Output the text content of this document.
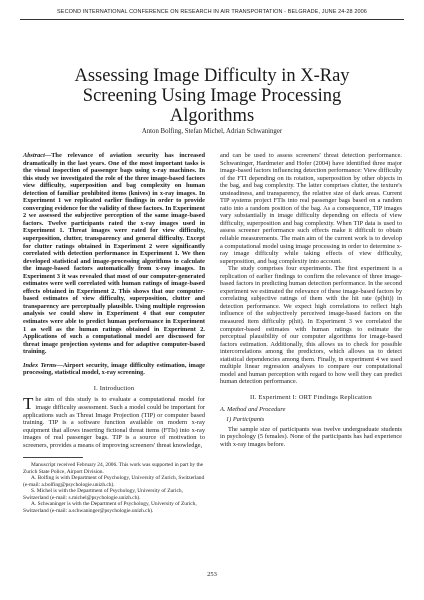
SECOND INTERNATIONAL CONFERENCE ON RESEARCH IN AIR TRANSPORTATION - BELGRADE, JUNE 24-28 2006
Assessing Image Difficulty in X-Ray Screening Using Image Processing Algorithms
Anton Bolfing, Stefan Michel, Adrian Schwaninger
Abstract—The relevance of aviation security has increased dramatically in the last years. One of the most important tasks is the visual inspection of passenger bags using x-ray machines. In this study we investigated the role of the three image-based factors view difficulty, superposition and bag complexity on human detection of familiar prohibited items (knives) in x-ray images. In Experiment 1 we replicated earlier findings in order to provide converging evidence for the validity of these factors. In Experiment 2 we assessed the subjective perception of the same image-based factors. Twelve participants rated the x-ray images used in Experiment 1. Threat images were rated for view difficulty, superposition, clutter, transparency and general difficulty. Except for clutter ratings obtained in Experiment 2 were significantly correlated with detection performance in Experiment 1. We then developed statistical and image-processing algorithms to calculate the image-based factors automatically from x-ray images. In Experiment 3 it was revealed that most of our computer-generated estimates were well correlated with human ratings of image-based effects obtained in Experiment 2. This shows that our computer-based estimates of view difficulty, superposition, clutter and transparency are perceptually plausible. Using multiple regression analysis we could show in Experiment 4 that our computer estimates were able to predict human performance in Experiment 1 as well as the human ratings obtained in Experiment 2. Applications of such a computational model are discussed for threat image projection systems and for adaptive computer-based training.
Index Terms—Airport security, image difficulty estimation, image processing, statistical model, x-ray screening.
I. Introduction

The aim of this study is to evaluate a computational model for image difficulty assessment. Such a model could be important for applications such as Threat Image Projection (TIP) or computer based training. TIP is a software function available on modern x-ray equipment that allows inserting fictional threat items (FTIs) into x-ray images of real passenger bags. TIP is a source of motivation to screeners, provides a means of improving screeners' threat knowledge,

Manuscript received February 24, 2006. This work was supported in part by the Zurich State Police, Airport Division.
A. Bolfing is with Department of Psychology, University of Zurich, Switzerland (e-mail: a.bolfing@psychologie.unizh.ch).
S. Michel is with the Department of Psychology, University of Zurich, Switzerland (e-mail: s.michel@psychologie.unizh.ch).
A. Schwaninger is with the Department of Psychology, University of Zurich, Switzerland (e-mail: a.schwaninger@psychologie.unizh.ch).

and can be used to assess screeners' threat detection performance. Schwaninger, Hardmeier and Hofer (2004) have identified three major image-based factors influencing detection performance: View difficulty of the FTI depending on its rotation, superposition by other objects in the bag, and bag complexity. The latter comprises clutter, the texture's unsteadiness, and transparency, the relative size of dark areas. Current TIP systems project FTIs into real passenger bags based on a random ratio into a random position of the bag. As a consequence, TIP images vary substantially in image difficulty depending on effects of view difficulty, superposition and bag complexity. When TIP data is used to assess screener performance such effects make it difficult to obtain reliable measurements. The main aim of the current work is to develop a computational model using image processing in order to determine x-ray image difficulty while taking effects of view difficulty, superposition, and bag complexity into account.

The study comprises four experiments. The first experiment is a replication of earlier findings to confirm the relevance of three image-based factors in predicting human detection performance. In the second experiment we estimated the relevance of these image-based factors by correlating subjective ratings of them with the hit rate (p(hit)) in detection performance. We expect high correlations to reflect high influence of the subjectively perceived image-based factors on the measured item difficulty p(hit). In Experiment 3 we correlated the computer-based estimates with human ratings to estimate the perceptual plausibility of our computer algorithms for image-based factors estimation. Additionally, this allows us to check for possible intercorrelations among the predictors, which allows us to detect statistical dependencies among them. Finally, in experiment 4 we used multiple linear regression analyses to compare our computational model and human perception with regard to how well they can predict human detection performance.

II. Experiment I: ORT Findings Replication
A. Method and Procedure
1) Participants

The sample size of participants was twelve undergraduate students in psychology (5 females). None of the participants has had experience with x-ray images before.

253
